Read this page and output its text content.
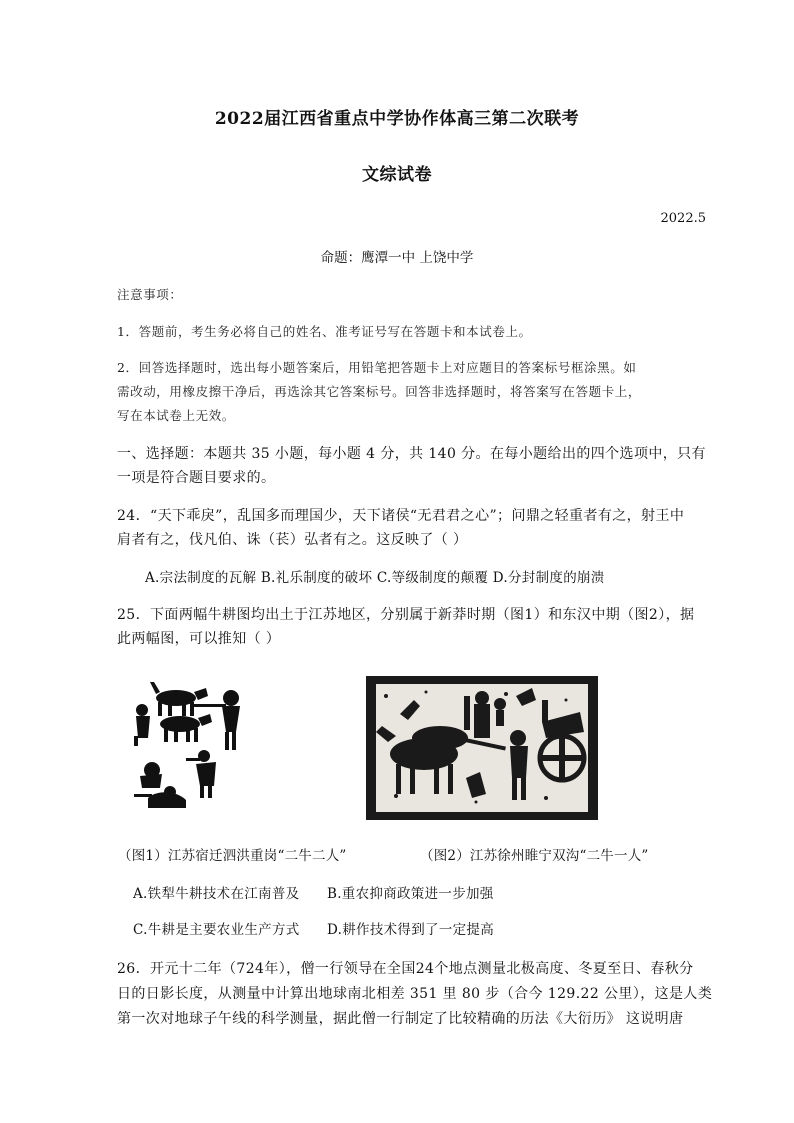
2022届江西省重点中学协作体高三第二次联考
文综试卷
2022.5
命题：鹰潭一中 上饶中学
注意事项：
1．答题前，考生务必将自己的姓名、准考证号写在答题卡和本试卷上。
2．回答选择题时，选出每小题答案后，用铅笔把答题卡上对应题目的答案标号框涂黑。如
需改动，用橡皮擦干净后，再选涂其它答案标号。回答非选择题时，将答案写在答题卡上，
写在本试卷上无效。
一、选择题：本题共 35 小题，每小题 4 分，共 140 分。在每小题给出的四个选项中，只有
一项是符合题目要求的。
24．“天下乖戾”，乱国多而理国少，天下诸侯“无君君之心”；问鼎之轻重者有之，射王中
肩者有之，伐凡伯、诛（苌）弘者有之。这反映了（ ）
A.宗法制度的瓦解 B.礼乐制度的破坏 C.等级制度的颠覆 D.分封制度的崩溃
25．下面两幅牛耕图均出土于江苏地区，分别属于新莽时期（图1）和东汉中期（图2），据
此两幅图，可以推知（ ）
（图1）江苏宿迁泗洪重岗“二牛二人”	（图2）江苏徐州睢宁双沟“二牛一人”
A.铁犁牛耕技术在江南普及 B.重农抑商政策进一步加强
C.牛耕是主要农业生产方式 D.耕作技术得到了一定提高
26．开元十二年（724年），僧一行领导在全国24个地点测量北极高度、冬夏至日、春秋分
日的日影长度，从测量中计算出地球南北相差 351 里 80 步（合今 129.22 公里），这是人类
第一次对地球子午线的科学测量，据此僧一行制定了比较精确的历法《大衍历》 这说明唐
